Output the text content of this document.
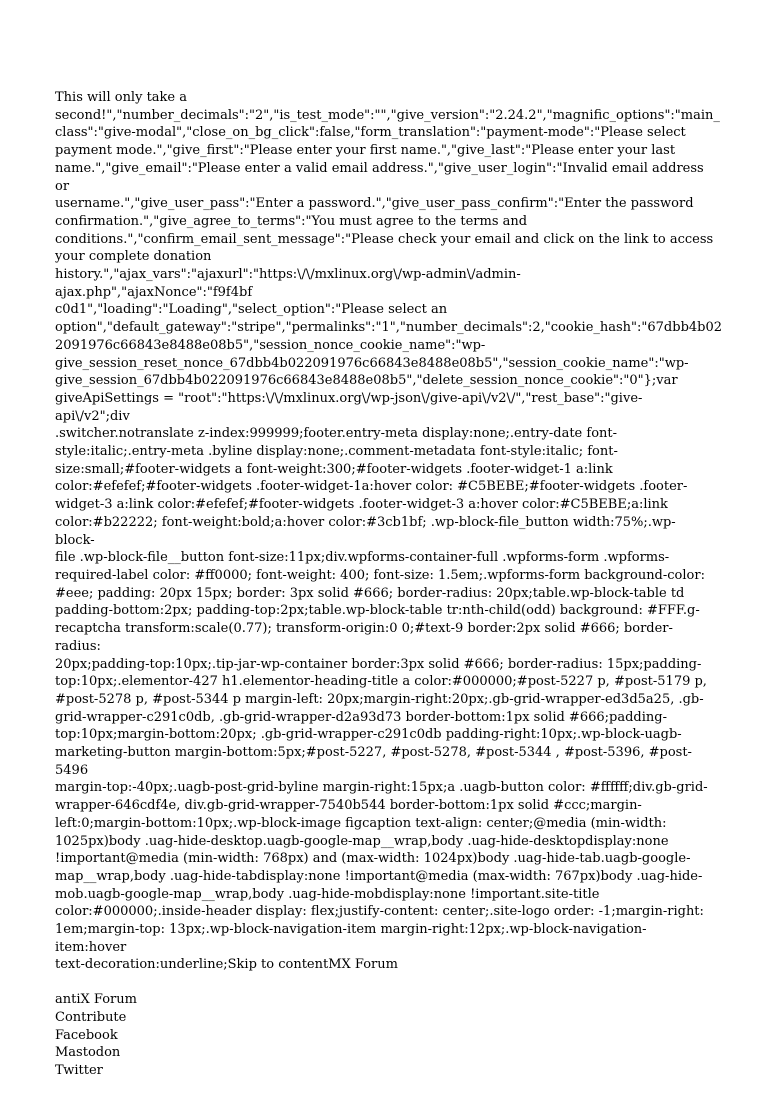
This will only take a
second!","number_decimals":"2","is_test_mode":"","give_version":"2.24.2","magnific_options":"main_
class":"give-modal","close_on_bg_click":false,"form_translation":"payment-mode":"Please select
payment mode.","give_first":"Please enter your first name.","give_last":"Please enter your last
name.","give_email":"Please enter a valid email address.","give_user_login":"Invalid email address or
username.","give_user_pass":"Enter a password.","give_user_pass_confirm":"Enter the password
confirmation.","give_agree_to_terms":"You must agree to the terms and
conditions.","confirm_email_sent_message":"Please check your email and click on the link to access
your complete donation
history.","ajax_vars":"ajaxurl":"https:\/\/mxlinux.org\/wp-admin\/admin-ajax.php","ajaxNonce":"f9f4bf
c0d1","loading":"Loading","select_option":"Please select an
option","default_gateway":"stripe","permalinks":"1","number_decimals":2,"cookie_hash":"67dbb4b02
2091976c66843e8488e08b5","session_nonce_cookie_name":"wp-
give_session_reset_nonce_67dbb4b022091976c66843e8488e08b5","session_cookie_name":"wp-
give_session_67dbb4b022091976c66843e8488e08b5","delete_session_nonce_cookie":"0"};var
giveApiSettings = "root":"https:\/\/mxlinux.org\/wp-json\/give-api\/v2\/","rest_base":"give-api\/v2";div
.switcher.notranslate z-index:999999;footer.entry-meta display:none;.entry-date font-
style:italic;.entry-meta .byline display:none;.comment-metadata font-style:italic; font-
size:small;#footer-widgets a font-weight:300;#footer-widgets .footer-widget-1 a:link
color:#efefef;#footer-widgets .footer-widget-1a:hover color: #C5BEBE;#footer-widgets .footer-
widget-3 a:link color:#efefef;#footer-widgets .footer-widget-3 a:hover color:#C5BEBE;a:link
color:#b22222; font-weight:bold;a:hover color:#3cb1bf; .wp-block-file_button width:75%;.wp-block-
file .wp-block-file__button font-size:11px;div.wpforms-container-full .wpforms-form .wpforms-
required-label color: #ff0000; font-weight: 400; font-size: 1.5em;.wpforms-form background-color:
#eee; padding: 20px 15px; border: 3px solid #666; border-radius: 20px;table.wp-block-table td
padding-bottom:2px; padding-top:2px;table.wp-block-table tr:nth-child(odd) background: #FFF.g-
recaptcha transform:scale(0.77); transform-origin:0 0;#text-9 border:2px solid #666; border-radius:
20px;padding-top:10px;.tip-jar-wp-container border:3px solid #666; border-radius: 15px;padding-
top:10px;.elementor-427 h1.elementor-heading-title a color:#000000;#post-5227 p, #post-5179 p,
#post-5278 p, #post-5344 p margin-left: 20px;margin-right:20px;.gb-grid-wrapper-ed3d5a25, .gb-
grid-wrapper-c291c0db, .gb-grid-wrapper-d2a93d73 border-bottom:1px solid #666;padding-
top:10px;margin-bottom:20px; .gb-grid-wrapper-c291c0db padding-right:10px;.wp-block-uagb-
marketing-button margin-bottom:5px;#post-5227, #post-5278, #post-5344 , #post-5396, #post-5496
margin-top:-40px;.uagb-post-grid-byline margin-right:15px;a .uagb-button color: #ffffff;div.gb-grid-
wrapper-646cdf4e, div.gb-grid-wrapper-7540b544 border-bottom:1px solid #ccc;margin-
left:0;margin-bottom:10px;.wp-block-image figcaption text-align: center;@media (min-width:
1025px)body .uag-hide-desktop.uagb-google-map__wrap,body .uag-hide-desktopdisplay:none
!important@media (min-width: 768px) and (max-width: 1024px)body .uag-hide-tab.uagb-google-
map__wrap,body .uag-hide-tabdisplay:none !important@media (max-width: 767px)body .uag-hide-
mob.uagb-google-map__wrap,body .uag-hide-mobdisplay:none !important.site-title
color:#000000;.inside-header display: flex;justify-content: center;.site-logo order: -1;margin-right:
1em;margin-top: 13px;.wp-block-navigation-item margin-right:12px;.wp-block-navigation-item:hover
text-decoration:underline;Skip to contentMX Forum
antiX Forum
Contribute
Facebook
Mastodon
Twitter
